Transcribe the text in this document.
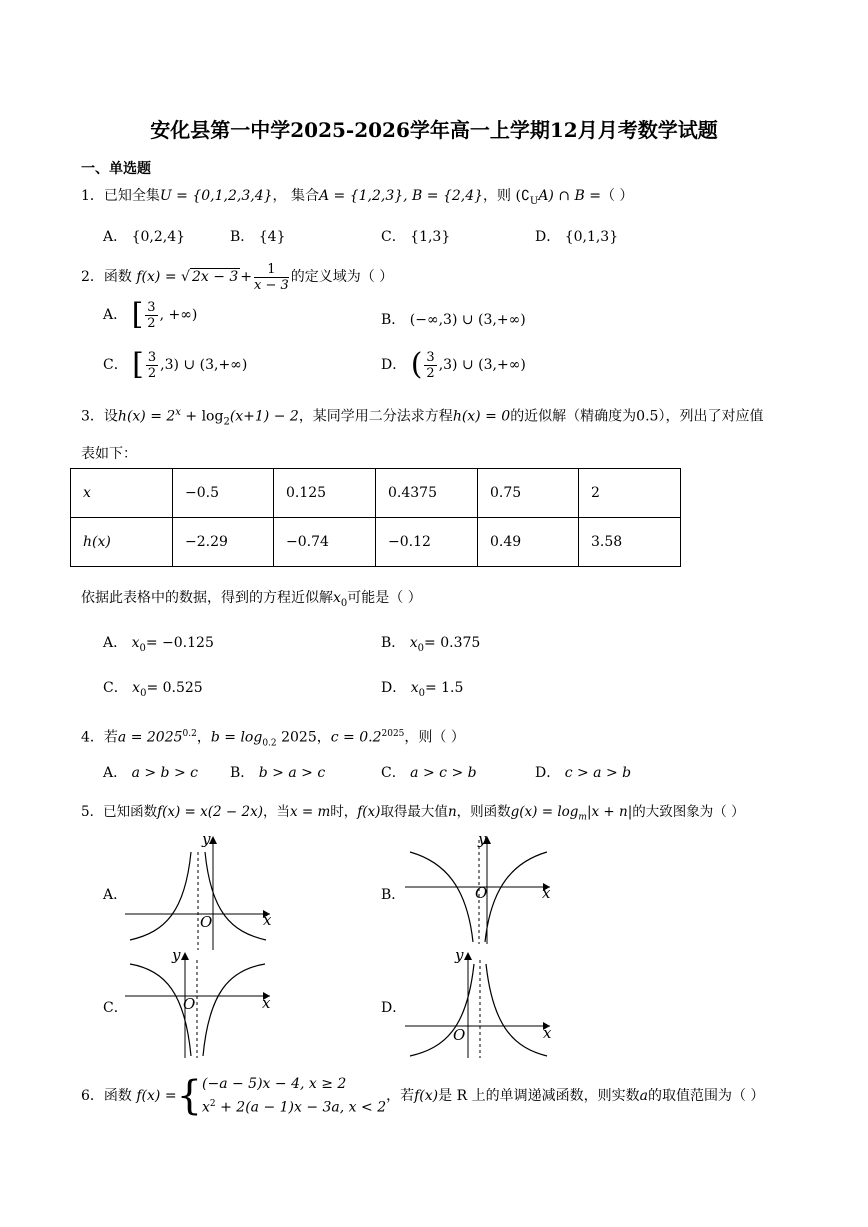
安化县第一中学2025-2026学年高一上学期12月月考数学试题
一、单选题
1．已知全集U = {0,1,2,3,4}， 集合A = {1,2,3}, B = {2,4}，则 $(∁_UA)$ ∩ B =（ ）
A． {0,2,4}	B． {4}	C． {1,3}	D． {0,1,3}
2．函数 f(x) = √ $2x - 3 + \frac{1}{x - 3}$ 的定义域为（ ）
A． [ $\frac{3}{2}$ , +∞)	B． (−∞,3) ∪ (3,+∞)
C． [ $\frac{3}{2} ,3$) ∪ (3,+∞)	D． ( $\frac{3}{2} ,3$) ∪ (3,+∞)
3．设$h(x) = 2^x + \log_2(x+1) - 2$，某同学用二分法求方程h(x) = 0的近似解（精确度为0.5），列出了对应值
表如下：
x	−0.5	0.125	0.4375	0.75	2
h(x)	−2.29	−0.74	−0.12	0.49	3.58
依据此表格中的数据，得到的方程近似解$x_0$可能是（ ）
A． $x_0= -0.125$	B． $x_0= 0.375$
C． $x_0= 0.525$	D． $x_0= 1.5$
4．若$a = 2025^{0.2}$，$b = \log_{0.2} 2025$，$c = 0.2^{2025}$，则（ ）
A． a > b > c B． b > a > c	C． a > c > b	D． c > a > b
5．已知函数f(x) = x(2 − 2x)，当x = m时，f(x)取得最大值n，则函数$g(x) = \log_m|x + n|$的大致图象为（ ）
A．
x
y
O
B．	x
y
O
C．	x
y
O	D．
x
y
O
6．函数 f(x) ={ (−a − 5)x − 4, x ≥ 2
$x^2 + 2(a - 1)x - 3a$, x < 2
，若f(x)是 R 上的单调递减函数，则实数a的取值范围为（ ）
